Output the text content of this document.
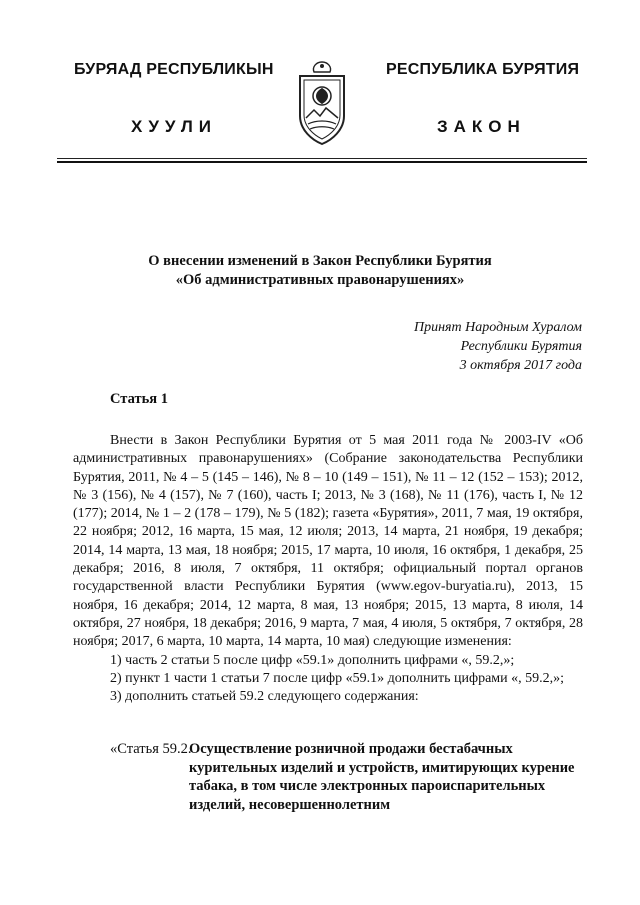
БУРЯАД РЕСПУБЛИКЫН
ХУУЛИ
РЕСПУБЛИКА БУРЯТИЯ
ЗАКОН
О внесении изменений в Закон Республики Бурятия
«Об административных правонарушениях»
Принят Народным Хуралом
Республики Бурятия
3 октября 2017 года
Статья 1

Внести в Закон Республики Бурятия от 5 мая 2011 года № 2003-IV «Об административных правонарушениях» (Собрание законодательства Республики Бурятия, 2011, № 4 – 5 (145 – 146), № 8 – 10 (149 – 151), № 11 – 12 (152 – 153); 2012, № 3 (156), № 4 (157), № 7 (160), часть I; 2013, № 3 (168), № 11 (176), часть I, № 12 (177); 2014, № 1 – 2 (178 – 179), № 5 (182); газета «Бурятия», 2011, 7 мая, 19 октября, 22 ноября; 2012, 16 марта, 15 мая, 12 июля; 2013, 14 марта, 21 ноября, 19 декабря; 2014, 14 марта, 13 мая, 18 ноября; 2015, 17 марта, 10 июля, 16 октября, 1 декабря, 25 декабря; 2016, 8 июля, 7 октября, 11 октября; официальный портал органов государственной власти Республики Бурятия (www.egov-buryatia.ru), 2013, 15 ноября, 16 декабря; 2014, 12 марта, 8 мая, 13 ноября; 2015, 13 марта, 8 июля, 14 октября, 27 ноября, 18 декабря; 2016, 9 марта, 7 мая, 4 июля, 5 октября, 7 октября, 28 ноября; 2017, 6 марта, 10 марта, 14 марта, 10 мая) следующие изменения:

1) часть 2 статьи 5 после цифр «59.1» дополнить цифрами «, 59.2,»;

2) пункт 1 части 1 статьи 7 после цифр «59.1» дополнить цифрами «, 59.2,»;

3) дополнить статьей 59.2 следующего содержания:

«Статья 59.2.
Осуществление розничной продажи бестабачных курительных изделий и устройств, имитирующих курение табака, в том числе электронных парoиспарительных изделий, несовершеннолетним
